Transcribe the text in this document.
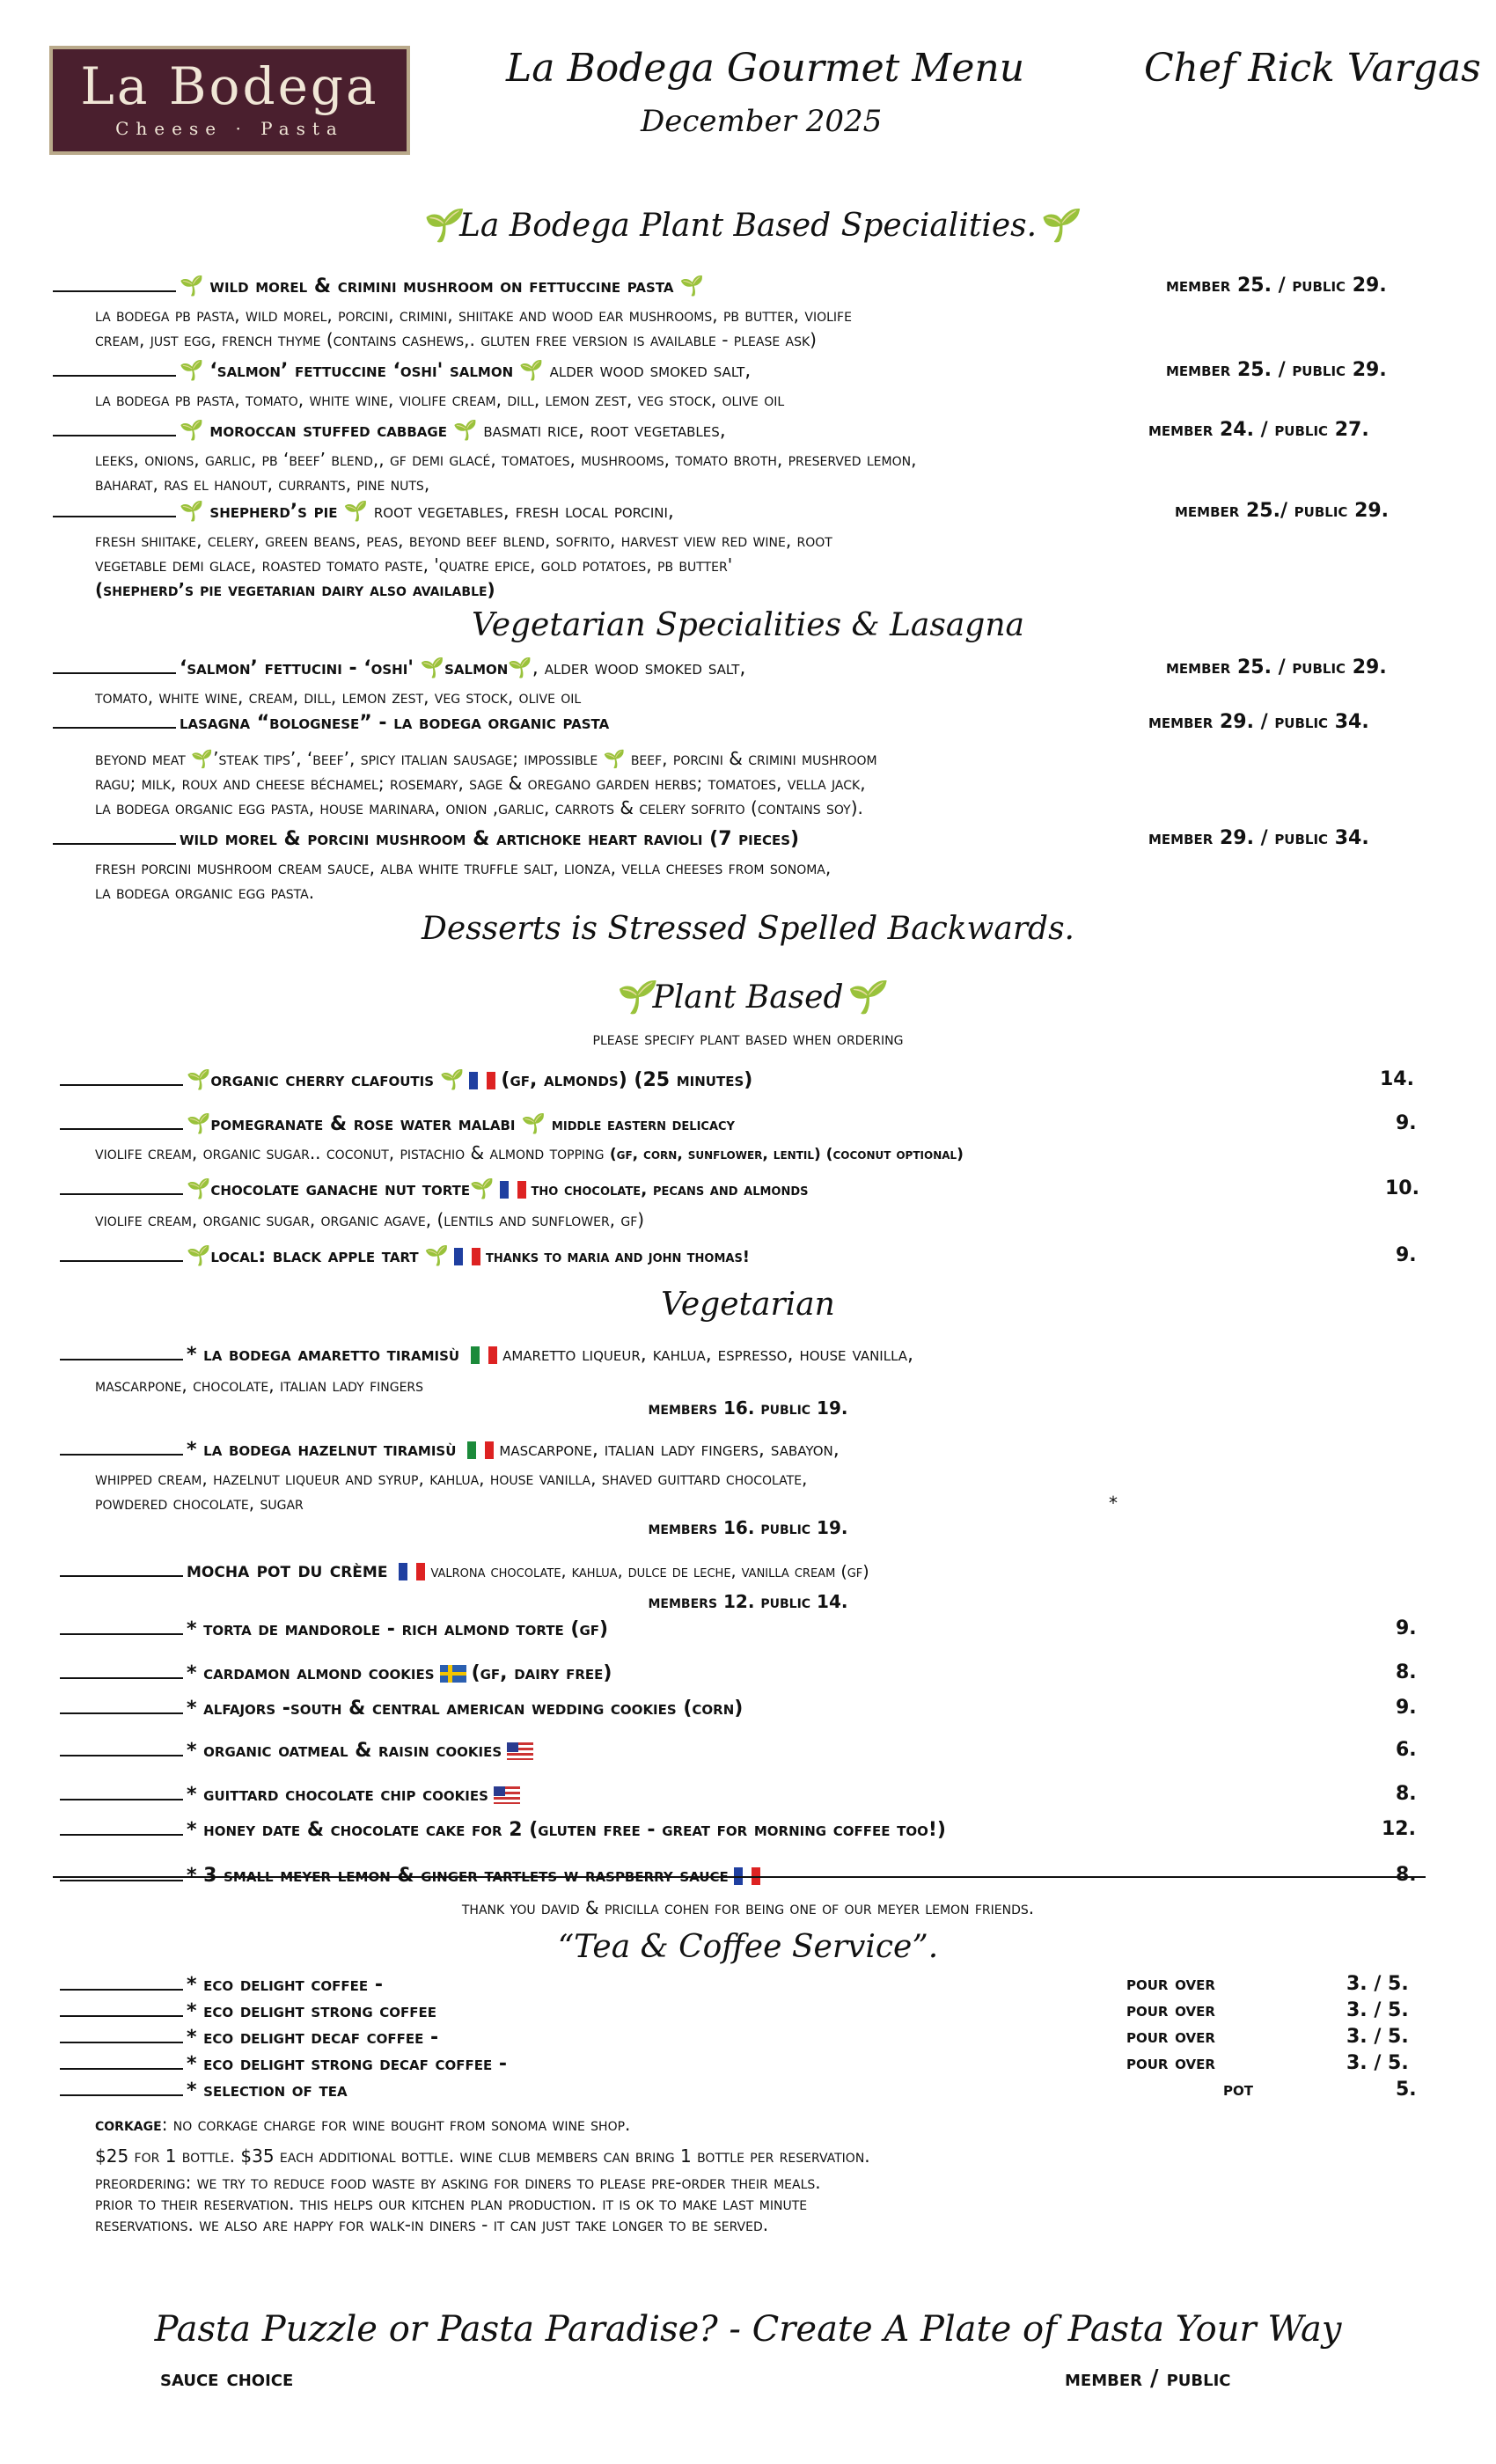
La Bodega
Cheese · Pasta
La Bodega Gourmet Menu
December 2025
Chef Rick Vargas
🌱La Bodega Plant Based Specialities.🌱
🌱 wild morel & crimini mushroom on fettuccine pasta 🌱	member 25. / public 29.
la bodega pb pasta, wild morel, porcini, crimini, shiitake and wood ear mushrooms, pb butter, violife
cream, just egg, french thyme (contains cashews,. gluten free version is available - please ask)
🌱 ‘salmon’ fettuccine ‘oshi' salmon 🌱 alder wood smoked salt,	member 25. / public 29.
la bodega pb pasta, tomato, white wine, violife cream, dill, lemon zest, veg stock, olive oil
🌱 moroccan stuffed cabbage 🌱 basmati rice, root vegetables,	member 24. / public 27.
leeks, onions, garlic, pb ‘beef’ blend,, gf demi glacé, tomatoes, mushrooms, tomato broth, preserved lemon,
baharat, ras el hanout, currants, pine nuts,
🌱 shepherd’s pie 🌱 root vegetables, fresh local porcini,	member 25./ public 29.
fresh shiitake, celery, green beans, peas, beyond beef blend, sofrito, harvest view red wine, root
vegetable demi glace, roasted tomato paste, 'quatre epice, gold potatoes, pb butter'
(shepherd’s pie vegetarian dairy also available)
Vegetarian Specialities & Lasagna
‘salmon’ fettucini - ‘oshi' 🌱salmon🌱, alder wood smoked salt,	member 25. / public 29.
tomato, white wine, cream, dill, lemon zest, veg stock, olive oil
lasagna “bolognese” - la bodega organic pasta	member 29. / public 34.
beyond meat 🌱’steak tips’, ‘beef’, spicy italian sausage; impossible 🌱 beef, porcini & crimini mushroom
ragu; milk, roux and cheese béchamel; rosemary, sage & oregano garden herbs; tomatoes, vella jack,
la bodega organic egg pasta, house marinara, onion ,garlic, carrots & celery sofrito (contains soy).
wild morel & porcini mushroom & artichoke heart ravioli (7 pieces)	member 29. / public 34.
fresh porcini mushroom cream sauce, alba white truffle salt, lionza, vella cheeses from sonoma,
la bodega organic egg pasta.
Desserts is Stressed Spelled Backwards.
🌱Plant Based🌱
please specify plant based when ordering
🌱organic cherry clafoutis 🌱 (gf, almonds) (25 minutes)	14.
🌱pomegranate & rose water malabi 🌱 middle eastern delicacy	9.
violife cream, organic sugar.. coconut, pistachio & almond topping (gf, corn, sunflower, lentil) (coconut optional)
🌱chocolate ganache nut torte🌱 tho chocolate, pecans and almonds	10.
violife cream, organic sugar, organic agave, (lentils and sunflower, gf)
🌱local: black apple tart 🌱 thanks to maria and john thomas!	9.
Vegetarian
* la bodega amaretto tiramisù amaretto liqueur, kahlua, espresso, house vanilla,
mascarpone, chocolate, italian lady fingers
members 16. public 19.
* la bodega hazelnut tiramisù mascarpone, italian lady fingers, sabayon,
whipped cream, hazelnut liqueur and syrup, kahlua, house vanilla, shaved guittard chocolate,
powdered chocolate, sugar	*
members 16. public 19.
mocha pot du crème	valrona chocolate, kahlua, dulce de leche, vanilla cream (gf)
members 12. public 14.
* torta de mandorole - rich almond torte (gf)	9.
* cardamon almond cookies (gf, dairy free)	8.
* alfajors -south & central american wedding cookies (corn)	9.
* organic oatmeal & raisin cookies	6.
* guittard chocolate chip cookies	8.
* honey date & chocolate cake for 2 (gluten free - great for morning coffee too!)	12.
* 3 small meyer lemon & ginger tartlets w raspberry sauce	8.
thank you david & pricilla cohen for being one of our meyer lemon friends.
“Tea & Coffee Service”.
* eco delight coffee -	pour over	3. / 5.
* eco delight strong coffee	pour over	3. / 5.
* eco delight decaf coffee -	pour over	3. / 5.
* eco delight strong decaf coffee -	pour over	3. / 5.
* selection of tea	pot	5.
corkage: no corkage charge for wine bought from sonoma wine shop.
$25 for 1 bottle. $35 each additional bottle. wine club members can bring 1 bottle per reservation.
preordering: we try to reduce food waste by asking for diners to please pre-order their meals.
prior to their reservation. this helps our kitchen plan production. it is ok to make last minute
reservations. we also are happy for walk-in diners - it can just take longer to be served.
Pasta Puzzle or Pasta Paradise? - Create A Plate of Pasta Your Way
sauce choice	member / public
